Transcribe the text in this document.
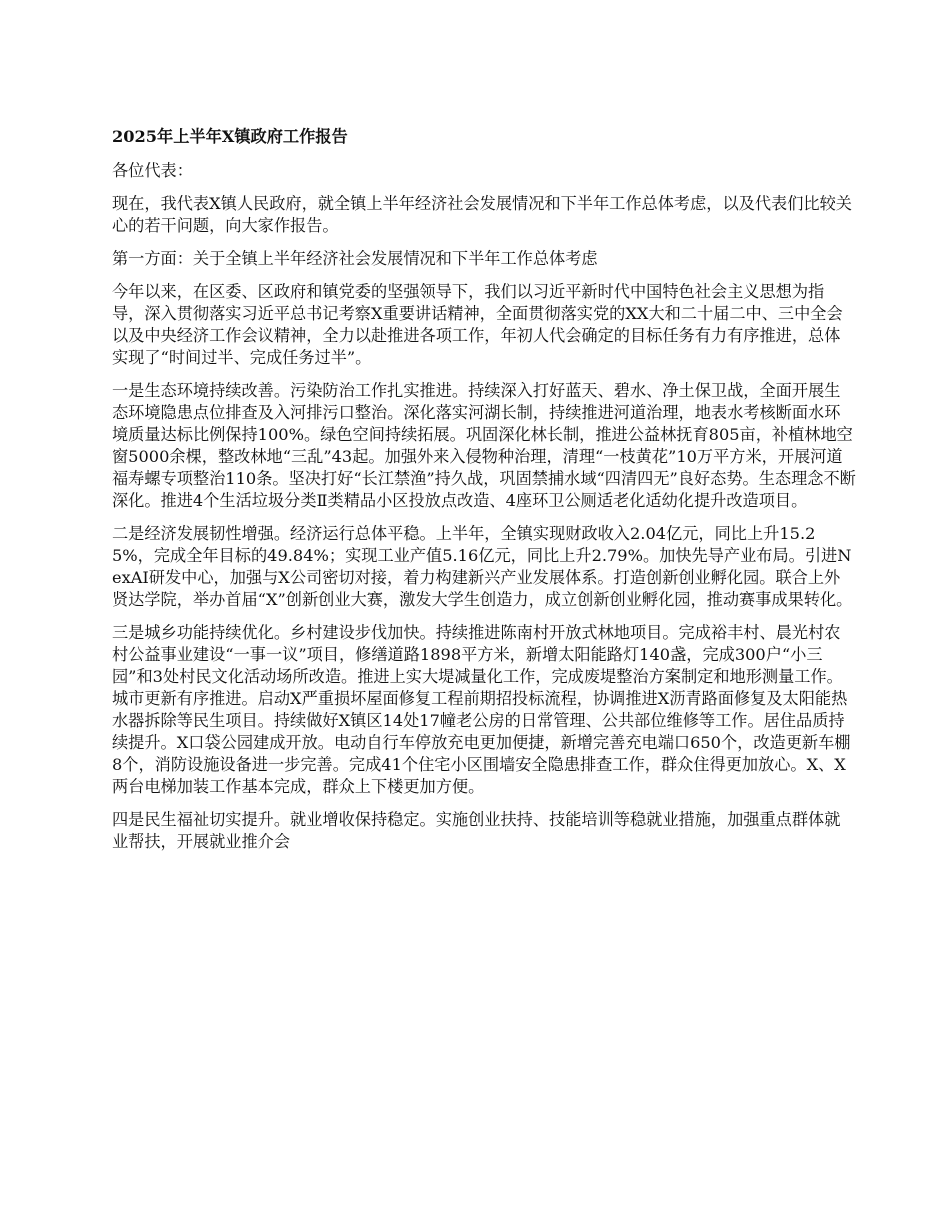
2025年上半年X镇政府工作报告

各位代表：

现在，我代表X镇人民政府，就全镇上半年经济社会发展情况和下半年工作总体考虑，以及代表们比较关心的若干问题，向大家作报告。

第一方面：关于全镇上半年经济社会发展情况和下半年工作总体考虑

今年以来，在区委、区政府和镇党委的坚强领导下，我们以习近平新时代中国特色社会主义思想为指导，深入贯彻落实习近平总书记考察X重要讲话精神，全面贯彻落实党的XX大和二十届二中、三中全会以及中央经济工作会议精神，全力以赴推进各项工作，年初人代会确定的目标任务有力有序推进，总体实现了“时间过半、完成任务过半”。

一是生态环境持续改善。污染防治工作扎实推进。持续深入打好蓝天、碧水、净土保卫战，全面开展生态环境隐患点位排查及入河排污口整治。深化落实河湖长制，持续推进河道治理，地表水考核断面水环境质量达标比例保持100%。绿色空间持续拓展。巩固深化林长制，推进公益林抚育805亩，补植林地空窗5000余棵，整改林地“三乱”43起。加强外来入侵物种治理，清理“一枝黄花”10万平方米，开展河道福寿螺专项整治110条。坚决打好“长江禁渔”持久战，巩固禁捕水域“四清四无”良好态势。生态理念不断深化。推进4个生活垃圾分类Ⅱ类精品小区投放点改造、4座环卫公厕适老化适幼化提升改造项目。

二是经济发展韧性增强。经济运行总体平稳。上半年，全镇实现财政收入2.04亿元，同比上升15.25%，完成全年目标的49.84%；实现工业产值5.16亿元，同比上升2.79%。加快先导产业布局。引进NexAI研发中心，加强与X公司密切对接，着力构建新兴产业发展体系。打造创新创业孵化园。联合上外贤达学院，举办首届“X”创新创业大赛，激发大学生创造力，成立创新创业孵化园，推动赛事成果转化。

三是城乡功能持续优化。乡村建设步伐加快。持续推进陈南村开放式林地项目。完成裕丰村、晨光村农村公益事业建设“一事一议”项目，修缮道路1898平方米，新增太阳能路灯140盏，完成300户“小三园”和3处村民文化活动场所改造。推进上实大堤减量化工作，完成废堤整治方案制定和地形测量工作。城市更新有序推进。启动X严重损坏屋面修复工程前期招投标流程，协调推进X沥青路面修复及太阳能热水器拆除等民生项目。持续做好X镇区14处17幢老公房的日常管理、公共部位维修等工作。居住品质持续提升。X口袋公园建成开放。电动自行车停放充电更加便捷，新增完善充电端口650个，改造更新车棚8个，消防设施设备进一步完善。完成41个住宅小区围墙安全隐患排查工作，群众住得更加放心。X、X两台电梯加装工作基本完成，群众上下楼更加方便。

四是民生福祉切实提升。就业增收保持稳定。实施创业扶持、技能培训等稳就业措施，加强重点群体就业帮扶，开展就业推介会
